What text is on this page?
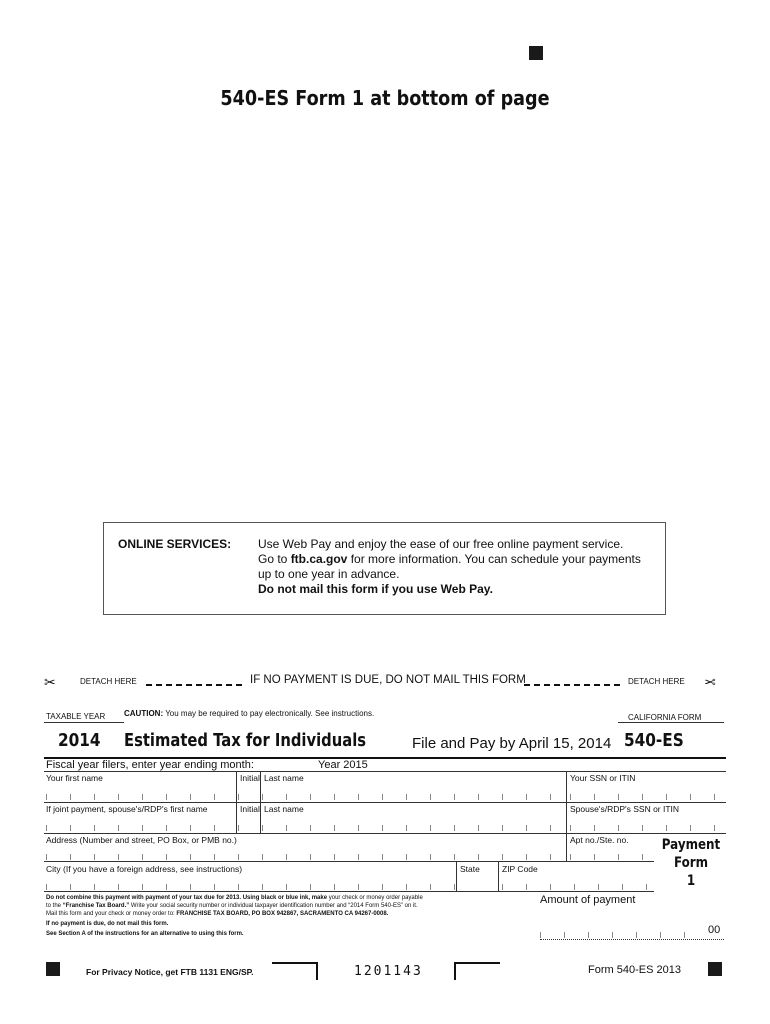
540-ES Form 1 at bottom of page
ONLINE SERVICES: Use Web Pay and enjoy the ease of our free online payment service.
Go to ftb.ca.gov for more information. You can schedule your payments
up to one year in advance.
Do not mail this form if you use Web Pay.
✂	DETACH HERE	IF NO PAYMENT IS DUE, DO NOT MAIL THIS FORM	DETACH HERE ✂
TAXABLE YEAR CAUTION: You may be required to pay electronically. See instructions.	CALIFORNIA FORM
2014 Estimated Tax for Individuals	File and Pay by April 15, 2014 540-ES
Fiscal year filers, enter year ending month:	Year 2015
Your first name	Initial Last name	Your SSN or ITIN
If joint payment, spouse's/RDP's first name	Initial Last name	Spouse's/RDP's SSN or ITIN
Address (Number and street, PO Box, or PMB no.)	Apt no./Ste. no.	Payment
Form
1
City (If you have a foreign address, see instructions)	State	ZIP Code
Do not combine this payment with payment of your tax due for 2013. Using black or blue ink, make your check or money order payable
to the “Franchise Tax Board.” Write your social security number or individual taxpayer identification number and “2014 Form 540-ES” on it.
Mail this form and your check or money order to: FRANCHISE TAX BOARD, PO BOX 942867, SACRAMENTO CA 94267-0008.
If no payment is due, do not mail this form.
See Section A of the instructions for an alternative to using this form.
Amount of payment
00
For Privacy Notice, get FTB 1131 ENG/SP.	1201143	Form 540-ES 2013
